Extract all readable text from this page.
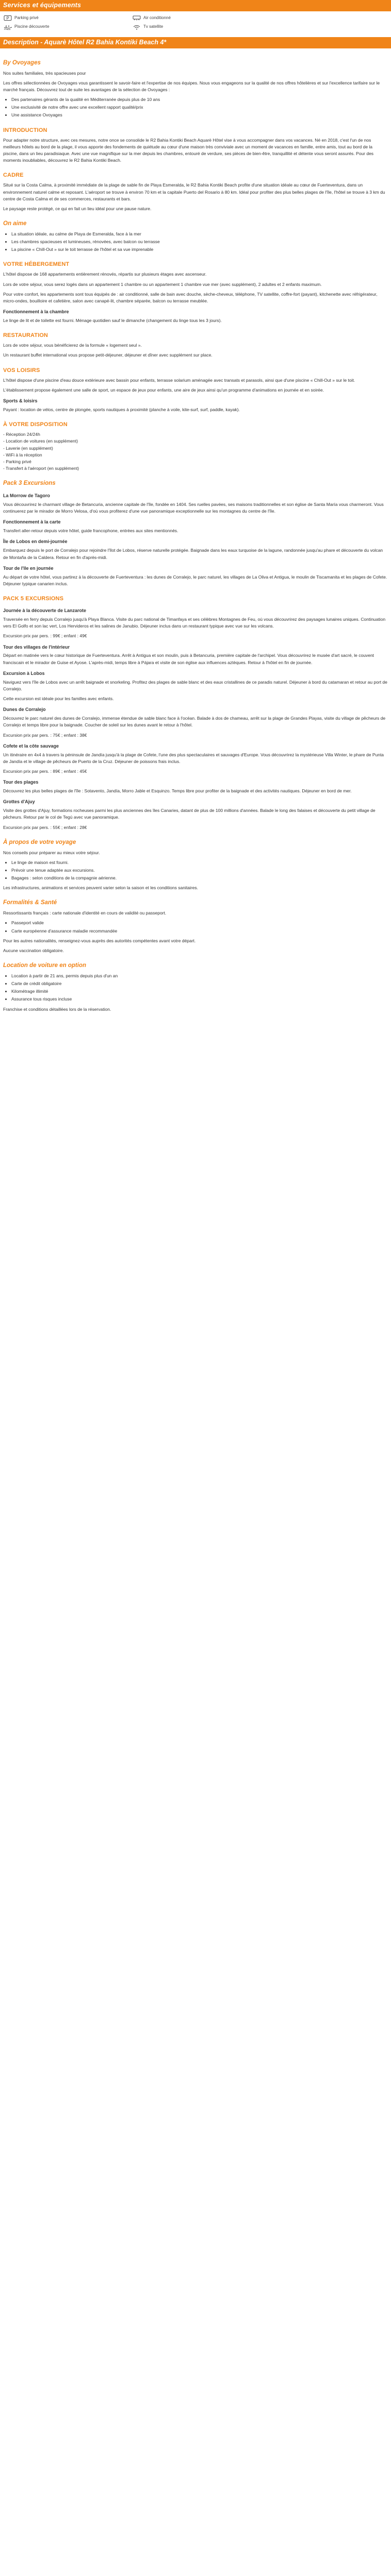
Services et équipements
P Parking privé	Air conditionné
Piscine découverte	Tv satellite
Description - Aquarè Hôtel R2 Bahia Kontiki Beach 4*
By Ovoyages

Nos suites familiales, très spacieuses pour

Les offres sélectionnées de Ovoyages vous garantissent le savoir-faire et l'expertise de nos équipes. Nous vous engageons sur la qualité de nos offres hôtelières et sur l'excellence tarifaire sur le marché français. Découvrez tout de suite les avantages de la sélection de Ovoyages :

• Des partenaires gérants de la qualité en Méditerranée depuis plus de 10 ans
• Une exclusivité de notre offre avec une excellent rapport qualité/prix
• Une assistance Ovoyages
INTRODUCTION

Pour adapter notre structure, avec ces mesures, notre once se consolide le R2 Bahia Kontiki Beach Aquarè Hôtel vise à vous accompagner dans vos vacances. Né en 2018, c'est l'un de nos meilleurs hôtels au bord de la plage, il vous apporte des fondements de quiétude au cœur d'une maison très conviviale avec un moment de vacances en famille, entre amis, tout au bord de la piscine, dans un lieu paradisiaque. Avec une vue magnifique sur la mer depuis les chambres, entouré de verdure, ses pièces de bien-être, tranquillité et détente vous seront assurés. Pour des moments inoubliables, découvrez le R2 Bahia Kontiki Beach.

CADRE

Situé sur la Costa Calma, à proximité immédiate de la plage de sable fin de Playa Esmeralda, le R2 Bahia Kontiki Beach profite d'une situation idéale au cœur de Fuerteventura, dans un environnement naturel calme et reposant. L'aéroport se trouve à environ 70 km et la capitale Puerto del Rosario à 80 km. Idéal pour profiter des plus belles plages de l'île, l'hôtel se trouve à 3 km du centre de Costa Calma et de ses commerces, restaurants et bars.

Le paysage reste protégé, ce qui en fait un lieu idéal pour une pause nature.

On aime
• La situation idéale, au calme de Playa de Esmeralda, face à la mer
• Les chambres spacieuses et lumineuses, rénovées, avec balcon ou terrasse
• La piscine « Chill-Out » sur le toit terrasse de l'hôtel et sa vue imprenable
VOTRE HÉBERGEMENT

L'hôtel dispose de 168 appartements entièrement rénovés, répartis sur plusieurs étages avec ascenseur.

Lors de votre séjour, vous serez logés dans un appartement 1 chambre ou un appartement 1 chambre vue mer (avec supplément), 2 adultes et 2 enfants maximum.

Pour votre confort, les appartements sont tous équipés de : air conditionné, salle de bain avec douche, sèche-cheveux, téléphone, TV satellite, coffre-fort (payant), kitchenette avec réfrigérateur, micro-ondes, bouilloire et cafetière, salon avec canapé-lit, chambre séparée, balcon ou terrasse meublée.

Fonctionnement à la chambre

Le linge de lit et de toilette est fourni. Ménage quotidien sauf le dimanche (changement du linge tous les 3 jours).

RESTAURATION

Lors de votre séjour, vous bénéficierez de la formule « logement seul ».

Un restaurant buffet international vous propose petit-déjeuner, déjeuner et dîner avec supplément sur place.

VOS LOISIRS

L'hôtel dispose d'une piscine d'eau douce extérieure avec bassin pour enfants, terrasse solarium aménagée avec transats et parasols, ainsi que d'une piscine « Chill-Out » sur le toit.

L'établissement propose également une salle de sport, un espace de jeux pour enfants, une aire de jeux ainsi qu'un programme d'animations en journée et en soirée.

Sports & loisirs

Payant : location de vélos, centre de plongée, sports nautiques à proximité (planche à voile, kite-surf, surf, paddle, kayak).

À VOTRE DISPOSITION
- Réception 24/24h
- Location de voitures (en supplément)
- Laverie (en supplément)
- WiFi à la réception
- Parking privé

- Transfert à l'aéroport (en supplément)

Pack 3 Excursions
La Morrow de Tagoro

Vous découvrirez le charmant village de Betancuria, ancienne capitale de l'île, fondée en 1404. Ses ruelles pavées, ses maisons traditionnelles et son église de Santa María vous charmeront. Vous continuerez par le mirador de Morro Velosa, d'où vous profiterez d'une vue panoramique exceptionnelle sur les montagnes du centre de l'île.

Fonctionnement à la carte

Transfert aller-retour depuis votre hôtel, guide francophone, entrées aux sites mentionnés.

Île de Lobos en demi-journée

Embarquez depuis le port de Corralejo pour rejoindre l'îlot de Lobos, réserve naturelle protégée. Baignade dans les eaux turquoise de la lagune, randonnée jusqu'au phare et découverte du volcan de Montaña de la Caldera. Retour en fin d'après-midi.

Tour de l'île en journée

Au départ de votre hôtel, vous partirez à la découverte de Fuerteventura : les dunes de Corralejo, le parc naturel, les villages de La Oliva et Antigua, le moulin de Tiscamanita et les plages de Cofete. Déjeuner typique canarien inclus.

PACK 5 EXCURSIONS
Journée à la découverte de Lanzarote

Traversée en ferry depuis Corralejo jusqu'à Playa Blanca. Visite du parc national de Timanfaya et ses célèbres Montagnes de Feu, où vous découvrirez des paysages lunaires uniques. Continuation vers El Golfo et son lac vert, Los Hervideros et les salines de Janubio. Déjeuner inclus dans un restaurant typique avec vue sur les volcans.

Excursion prix par pers. : 99€ ; enfant : 49€

Tour des villages de l'intérieur

Départ en matinée vers le cœur historique de Fuerteventura. Arrêt à Antigua et son moulin, puis à Betancuria, première capitale de l'archipel. Vous découvrirez le musée d'art sacré, le couvent franciscain et le mirador de Guise et Ayose. L'après-midi, temps libre à Pájara et visite de son église aux influences aztèques. Retour à l'hôtel en fin de journée.

Excursion à Lobos

Naviguez vers l'île de Lobos avec un arrêt baignade et snorkeling. Profitez des plages de sable blanc et des eaux cristallines de ce paradis naturel. Déjeuner à bord du catamaran et retour au port de Corralejo.

Cette excursion est idéale pour les familles avec enfants.

Dunes de Corralejo

Découvrez le parc naturel des dunes de Corralejo, immense étendue de sable blanc face à l'océan. Balade à dos de chameau, arrêt sur la plage de Grandes Playas, visite du village de pêcheurs de Corralejo et temps libre pour la baignade. Coucher de soleil sur les dunes avant le retour à l'hôtel.

Excursion prix par pers. : 75€ ; enfant : 38€

Cofete et la côte sauvage

Un itinéraire en 4x4 à travers la péninsule de Jandía jusqu'à la plage de Cofete, l'une des plus spectaculaires et sauvages d'Europe. Vous découvrirez la mystérieuse Villa Winter, le phare de Punta de Jandía et le village de pêcheurs de Puerto de la Cruz. Déjeuner de poissons frais inclus.

Excursion prix par pers. : 89€ ; enfant : 45€

Tour des plages

Découvrez les plus belles plages de l'île : Sotavento, Jandía, Morro Jable et Esquinzo. Temps libre pour profiter de la baignade et des activités nautiques. Déjeuner en bord de mer.

Grottes d'Ajuy

Visite des grottes d'Ajuy, formations rocheuses parmi les plus anciennes des îles Canaries, datant de plus de 100 millions d'années. Balade le long des falaises et découverte du petit village de pêcheurs. Retour par le col de Tegú avec vue panoramique.

Excursion prix par pers. : 55€ ; enfant : 28€

À propos de votre voyage

Nos conseils pour préparer au mieux votre séjour.

• Le linge de maison est fourni.
• Prévoir une tenue adaptée aux excursions.
• Bagages : selon conditions de la compagnie aérienne.

Les infrastructures, animations et services peuvent varier selon la saison et les conditions sanitaires.

Formalités & Santé

Ressortissants français : carte nationale d'identité en cours de validité ou passeport.

• Passeport valide
• Carte européenne d'assurance maladie recommandée

Pour les autres nationalités, renseignez-vous auprès des autorités compétentes avant votre départ.

Aucune vaccination obligatoire.

Location de voiture en option
• Location à partir de 21 ans, permis depuis plus d'un an
• Carte de crédit obligatoire
• Kilométrage illimité
• Assurance tous risques incluse

Franchise et conditions détaillées lors de la réservation.
